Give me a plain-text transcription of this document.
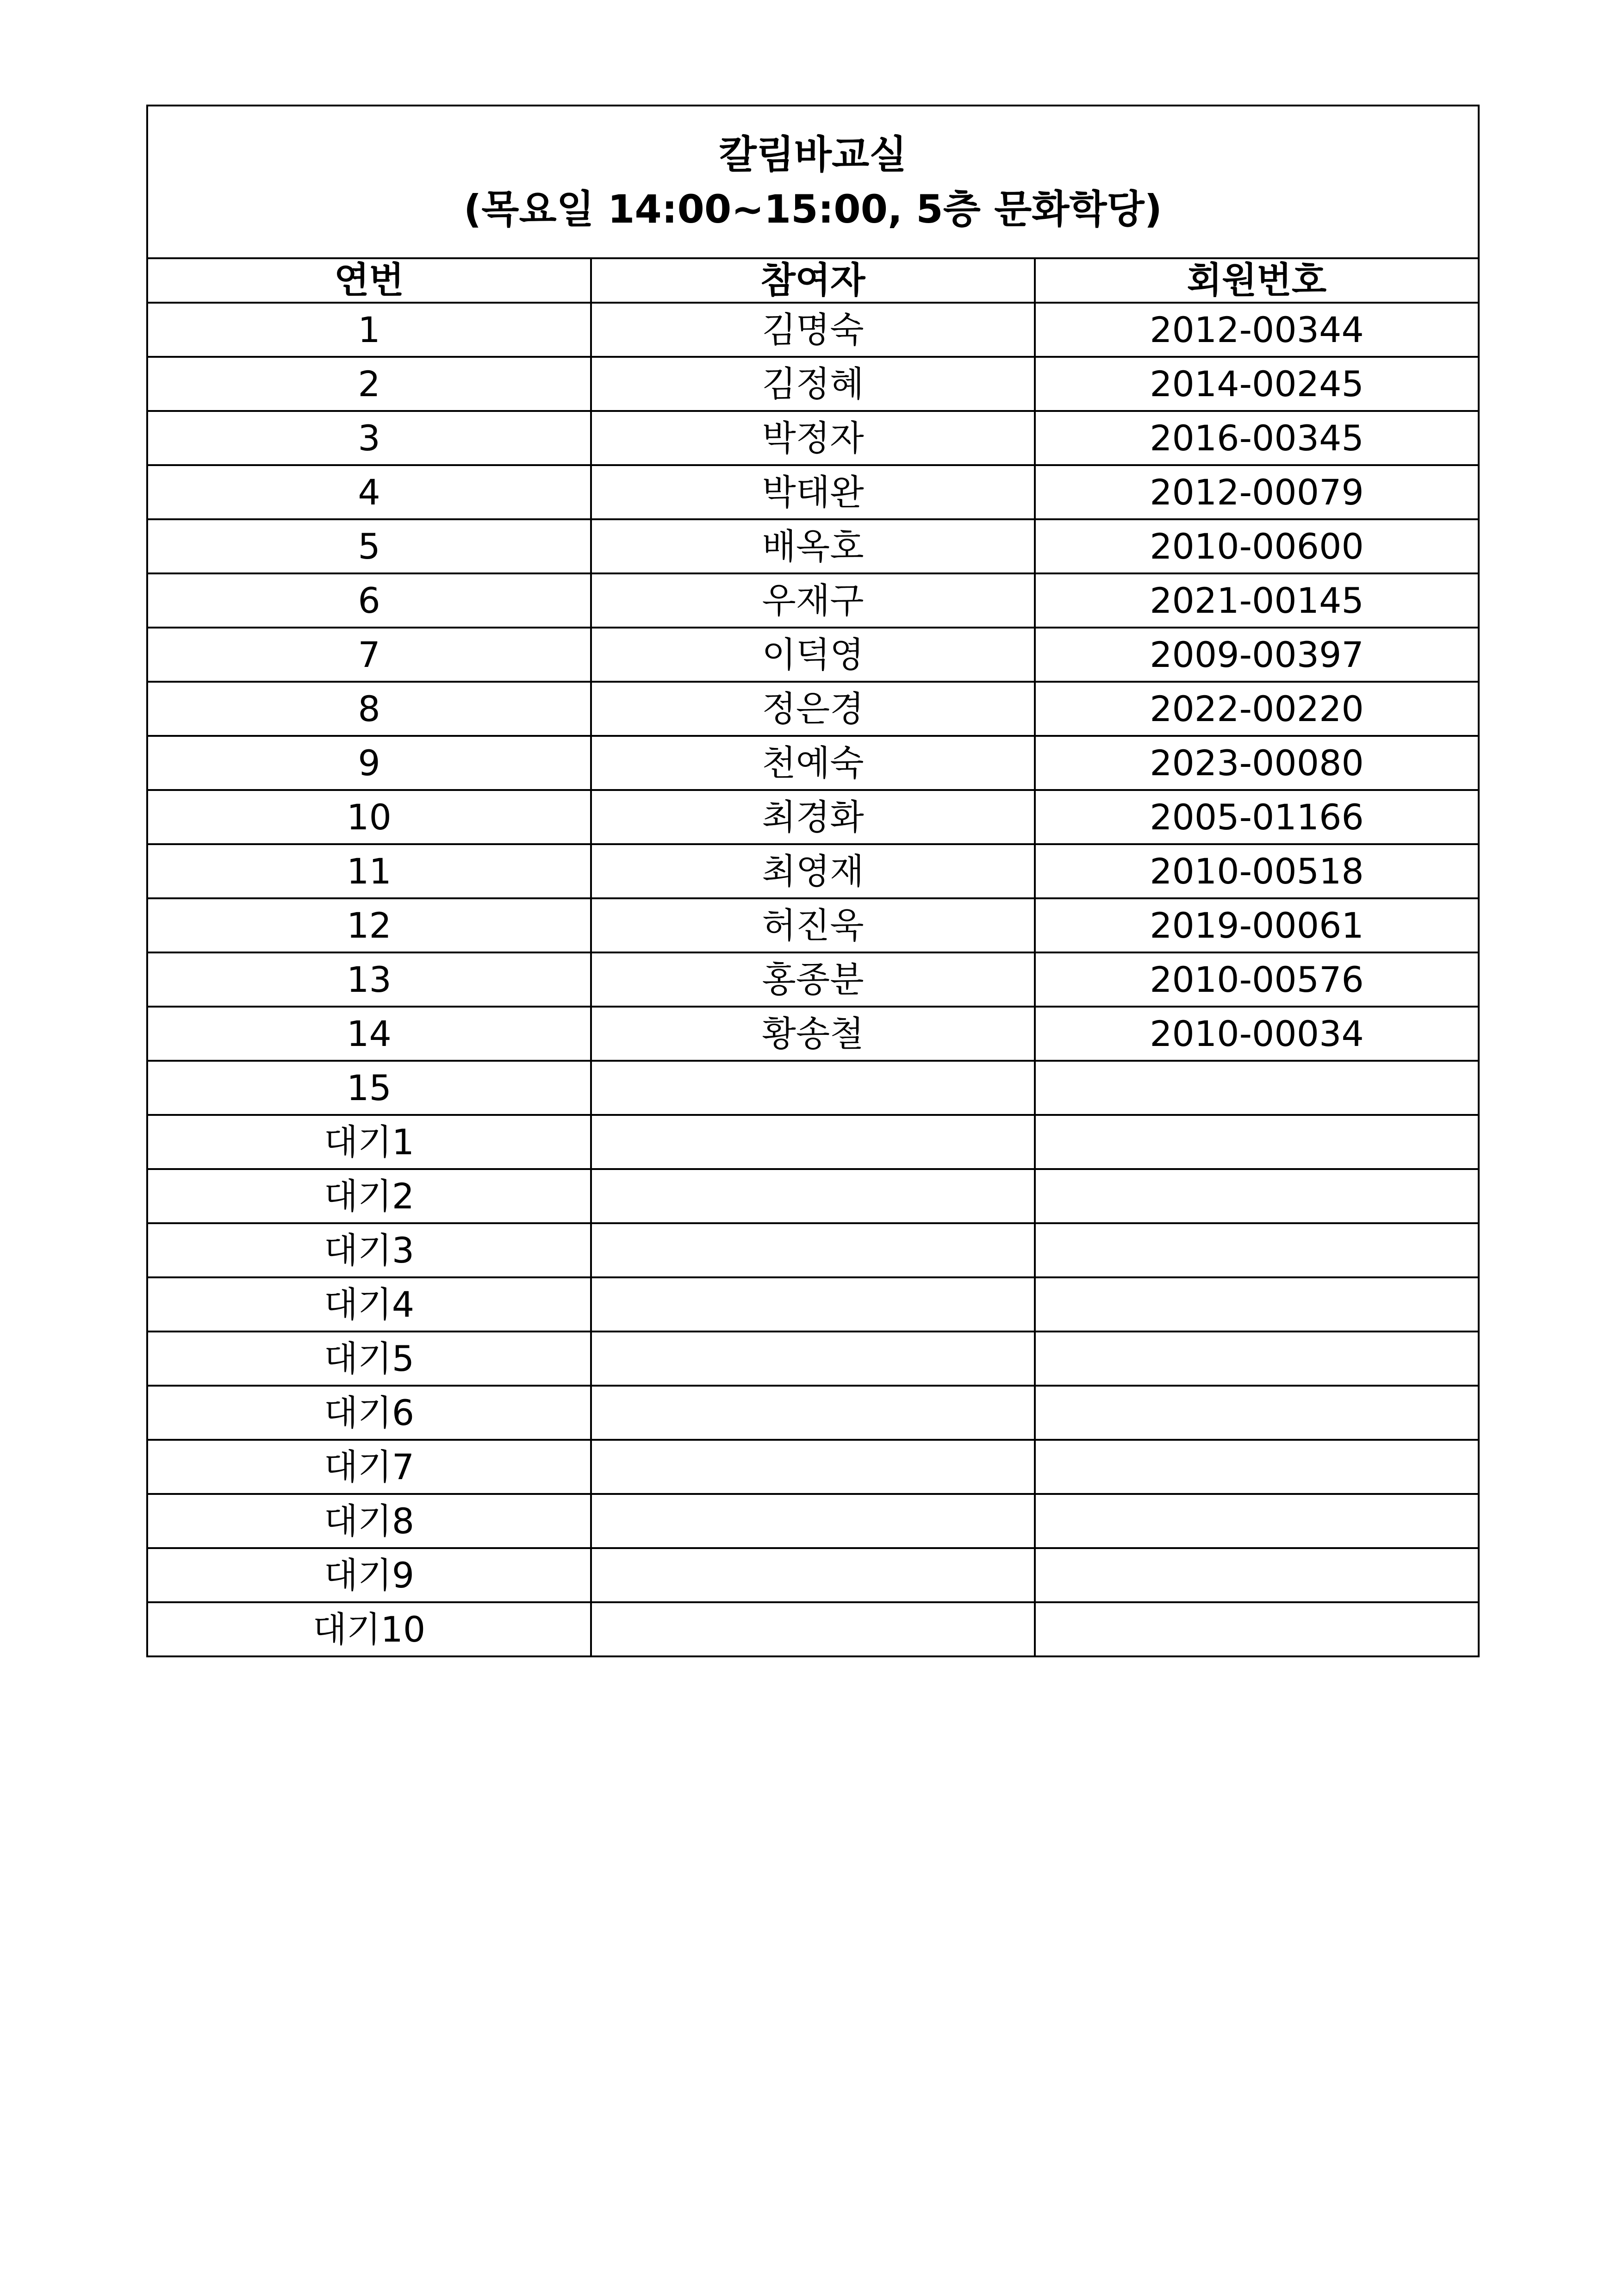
칼림바교실
(목요일 14:00~15:00, 5층 문화학당)		

연번	참여자	회원번호
1	김명숙	2012-00344
2	김정혜	2014-00245
3	박정자	2016-00345
4	박태완	2012-00079
5	배옥호	2010-00600
6	우재구	2021-00145
7	이덕영	2009-00397
8	정은경	2022-00220
9	천예숙	2023-00080
10	최경화	2005-01166
11	최영재	2010-00518
12	허진욱	2019-00061
13	홍종분	2010-00576
14	황송철	2010-00034
15		
대기1		
대기2		
대기3		
대기4		
대기5		
대기6		
대기7		
대기8		
대기9		
대기10		
